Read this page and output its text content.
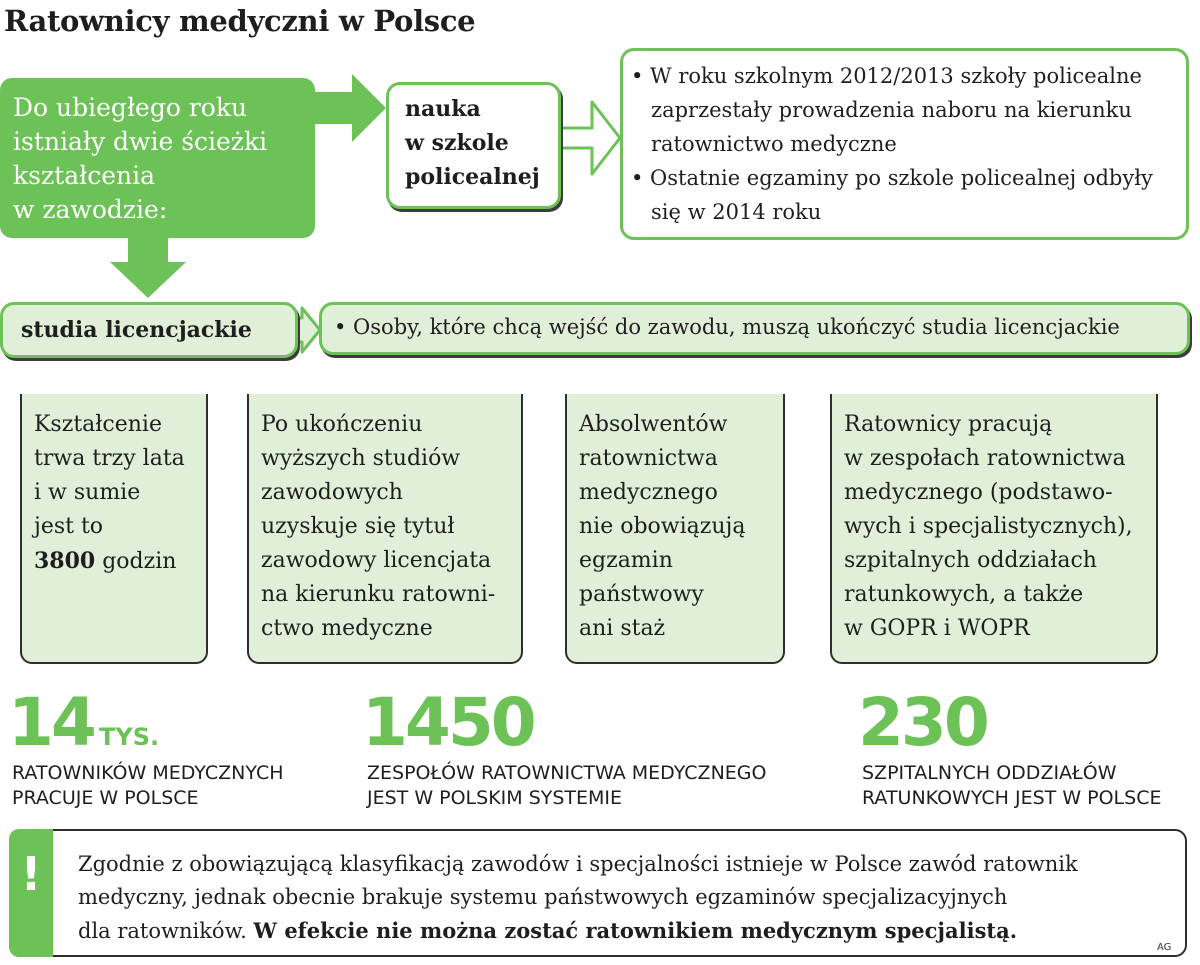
Ratownicy medyczni w Polsce
Do ubiegłego roku
istniały dwie ścieżki
kształcenia
w zawodzie:
nauka
w szkole
policealnej

• W roku szkolnym 2012/2013 szkoły policealne zaprzestały prowadzenia naboru na kierunku ratownictwo medyczne

• Ostatnie egzaminy po szkole policealnej odbyły się w 2014 roku

studia licencjackie	• Osoby, które chcą wejść do zawodu, muszą ukończyć studia licencjackie
Kształcenie
trwa trzy lata
i w sumie
jest to
3800 godzin
Po ukończeniu
wyższych studiów
zawodowych
uzyskuje się tytuł
zawodowy licencjata
na kierunku ratowni-
ctwo medyczne
Absolwentów
ratownictwa
medycznego
nie obowiązują
egzamin
państwowy
ani staż
Ratownicy pracują
w zespołach ratownictwa
medycznego (podstawo-
wych i specjalistycznych),
szpitalnych oddziałach
ratunkowych, a także
w GOPR i WOPR
14 TYS.
RATOWNIKÓW MEDYCZNYCH
PRACUJE W POLSCE
1450
ZESPOŁÓW RATOWNICTWA MEDYCZNEGO
JEST W POLSKIM SYSTEMIE
230
SZPITALNYCH ODDZIAŁÓW
RATUNKOWYCH JEST W POLSCE
!	Zgodnie z obowiązującą klasyfikacją zawodów i specjalności istnieje w Polsce zawód ratownik
medyczny, jednak obecnie brakuje systemu państwowych egzaminów specjalizacyjnych
dla ratowników. W efekcie nie można zostać ratownikiem medycznym specjalistą.
AG
